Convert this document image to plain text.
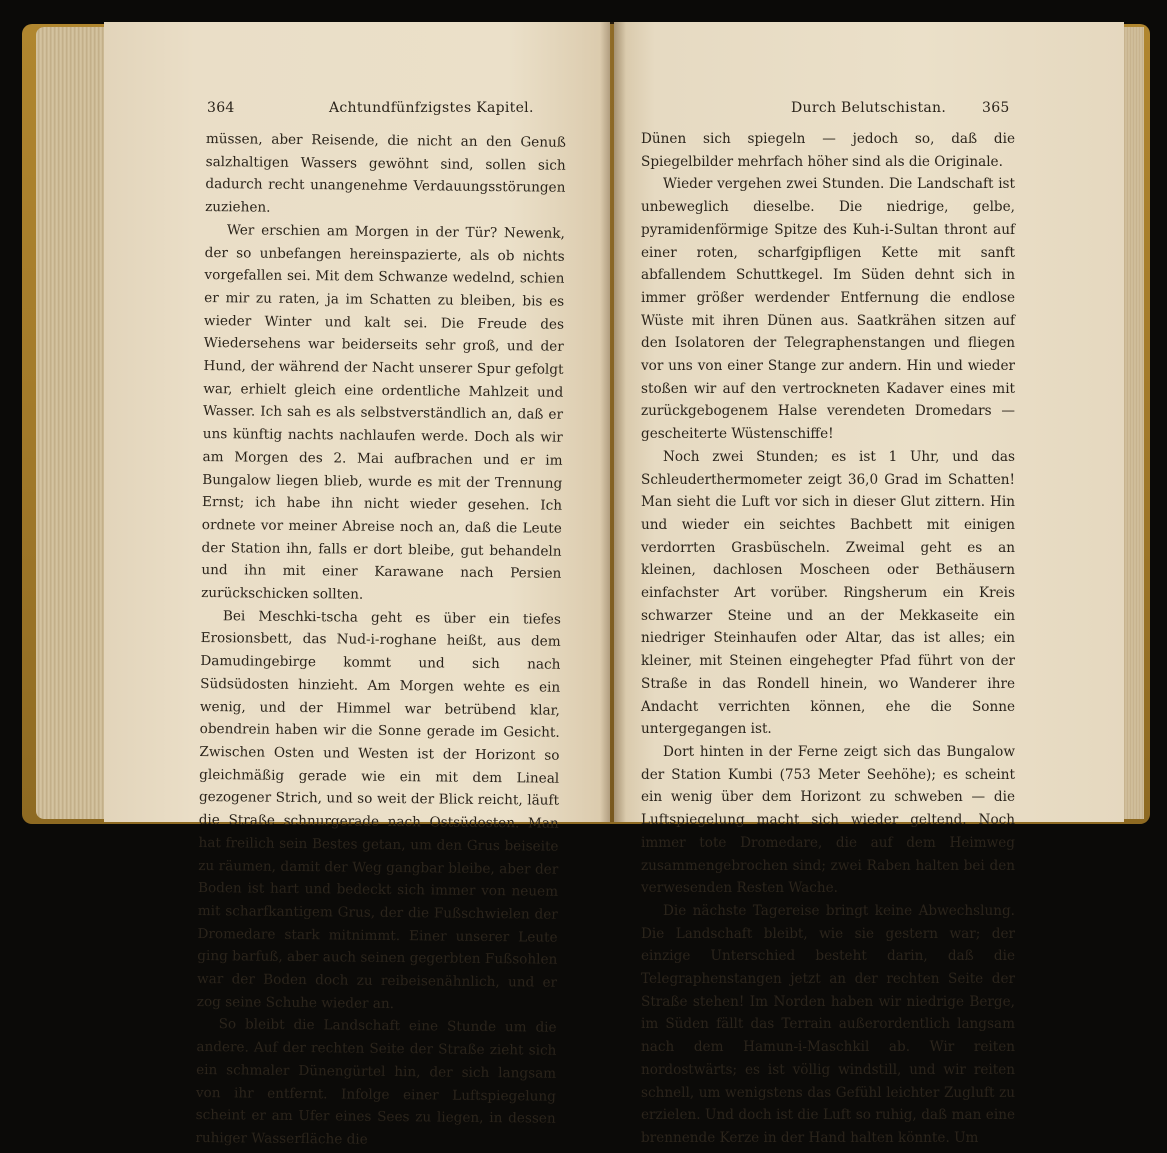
364	Achtundfünfzigstes Kapitel.

müssen, aber Reisende, die nicht an den Genuß salzhaltigen Wassers gewöhnt sind, sollen sich dadurch recht unangenehme Verdauungsstörungen zuziehen.

Wer erschien am Morgen in der Tür? Newenk, der so unbefangen hereinspazierte, als ob nichts vorgefallen sei. Mit dem Schwanze wedelnd, schien er mir zu raten, ja im Schatten zu bleiben, bis es wieder Winter und kalt sei. Die Freude des Wiedersehens war beiderseits sehr groß, und der Hund, der während der Nacht unserer Spur gefolgt war, erhielt gleich eine ordentliche Mahlzeit und Wasser. Ich sah es als selbstverständlich an, daß er uns künftig nachts nachlaufen werde. Doch als wir am Morgen des 2. Mai aufbrachen und er im Bungalow liegen blieb, wurde es mit der Trennung Ernst; ich habe ihn nicht wieder gesehen. Ich ordnete vor meiner Abreise noch an, daß die Leute der Station ihn, falls er dort bleibe, gut behandeln und ihn mit einer Karawane nach Persien zurückschicken sollten.

Bei Meschki-tscha geht es über ein tiefes Erosionsbett, das Nud-i-roghane heißt, aus dem Damudingebirge kommt und sich nach Südsüdosten hinzieht. Am Morgen wehte es ein wenig, und der Himmel war betrübend klar, obendrein haben wir die Sonne gerade im Gesicht. Zwischen Osten und Westen ist der Horizont so gleichmäßig gerade wie ein mit dem Lineal gezogener Strich, und so weit der Blick reicht, läuft die Straße schnurgerade nach Ostsüdosten. Man hat freilich sein Bestes getan, um den Grus beiseite zu räumen, damit der Weg gangbar bleibe, aber der Boden ist hart und bedeckt sich immer von neuem mit scharfkantigem Grus, der die Fußschwielen der Dromedare stark mitnimmt. Einer unserer Leute ging barfuß, aber auch seinen gegerbten Fußsohlen war der Boden doch zu reibeisenähnlich, und er zog seine Schuhe wieder an.

So bleibt die Landschaft eine Stunde um die andere. Auf der rechten Seite der Straße zieht sich ein schmaler Dünengürtel hin, der sich langsam von ihr entfernt. Infolge einer Luftspiegelung scheint er am Ufer eines Sees zu liegen, in dessen ruhiger Wasserfläche die

Durch Belutschistan.	365

Dünen sich spiegeln — jedoch so, daß die Spiegelbilder mehrfach höher sind als die Originale.

Wieder vergehen zwei Stunden. Die Landschaft ist unbeweglich dieselbe. Die niedrige, gelbe, pyramidenförmige Spitze des Kuh-i-Sultan thront auf einer roten, scharfgipfligen Kette mit sanft abfallendem Schuttkegel. Im Süden dehnt sich in immer größer werdender Entfernung die endlose Wüste mit ihren Dünen aus. Saatkrähen sitzen auf den Isolatoren der Telegraphenstangen und fliegen vor uns von einer Stange zur andern. Hin und wieder stoßen wir auf den vertrockneten Kadaver eines mit zurückgebogenem Halse verendeten Dromedars — gescheiterte Wüstenschiffe!

Noch zwei Stunden; es ist 1 Uhr, und das Schleuderthermometer zeigt 36,0 Grad im Schatten! Man sieht die Luft vor sich in dieser Glut zittern. Hin und wieder ein seichtes Bachbett mit einigen verdorrten Grasbüscheln. Zweimal geht es an kleinen, dachlosen Moscheen oder Bethäusern einfachster Art vorüber. Ringsherum ein Kreis schwarzer Steine und an der Mekkaseite ein niedriger Steinhaufen oder Altar, das ist alles; ein kleiner, mit Steinen eingehegter Pfad führt von der Straße in das Rondell hinein, wo Wanderer ihre Andacht verrichten können, ehe die Sonne untergegangen ist.

Dort hinten in der Ferne zeigt sich das Bungalow der Station Kumbi (753 Meter Seehöhe); es scheint ein wenig über dem Horizont zu schweben — die Luftspiegelung macht sich wieder geltend. Noch immer tote Dromedare, die auf dem Heimweg zusammengebrochen sind; zwei Raben halten bei den verwesenden Resten Wache.

Die nächste Tagereise bringt keine Abwechslung. Die Landschaft bleibt, wie sie gestern war; der einzige Unterschied besteht darin, daß die Telegraphenstangen jetzt an der rechten Seite der Straße stehen! Im Norden haben wir niedrige Berge, im Süden fällt das Terrain außerordentlich langsam nach dem Hamun-i-Maschkil ab. Wir reiten nordostwärts; es ist völlig windstill, und wir reiten schnell, um wenigstens das Gefühl leichter Zugluft zu erzielen. Und doch ist die Luft so ruhig, daß man eine brennende Kerze in der Hand halten könnte. Um
